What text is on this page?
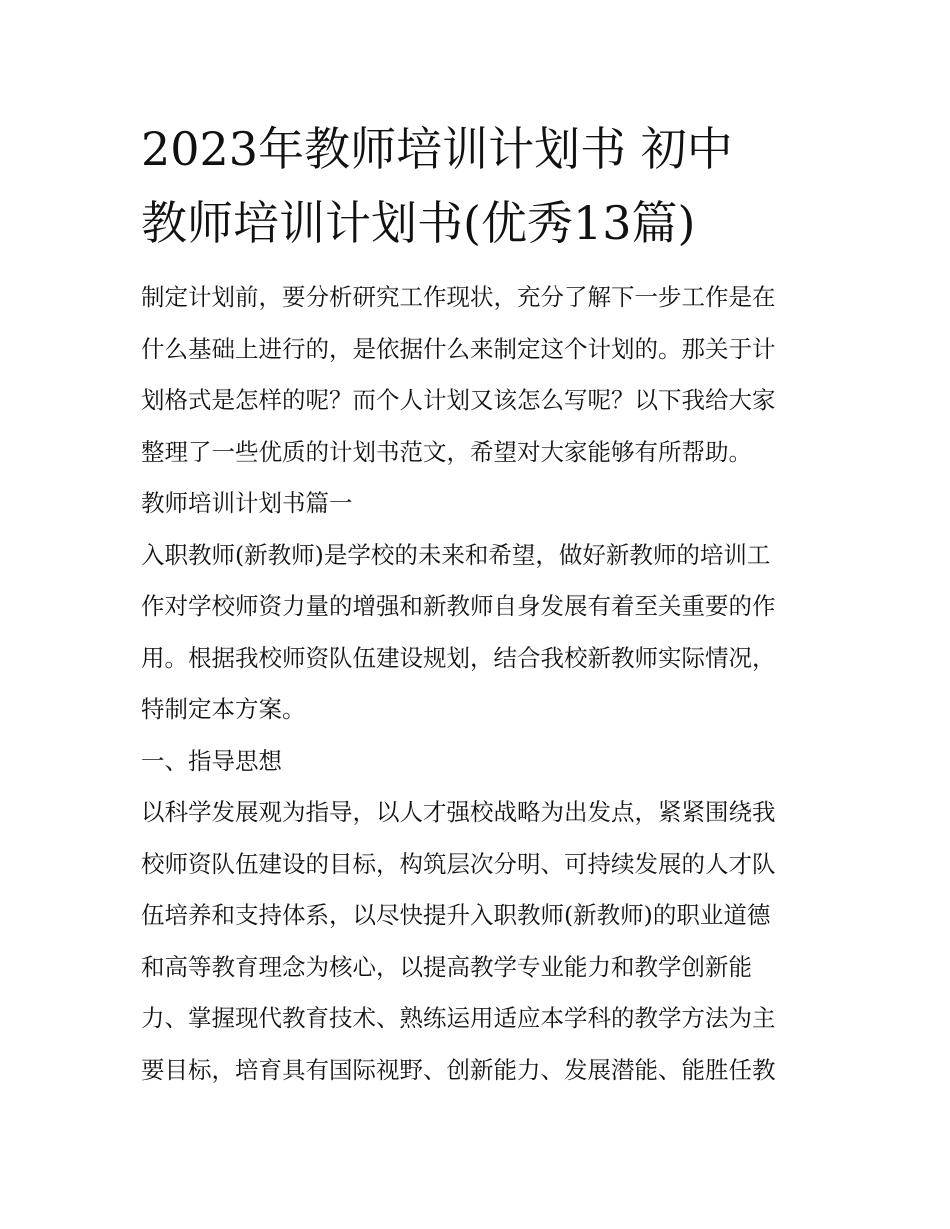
2023年教师培训计划书 初中
教师培训计划书(优秀13篇)
制定计划前，要分析研究工作现状，充分了解下一步工作是在
什么基础上进行的，是依据什么来制定这个计划的。那关于计
划格式是怎样的呢？而个人计划又该怎么写呢？以下我给大家
整理了一些优质的计划书范文，希望对大家能够有所帮助。
教师培训计划书篇一
入职教师(新教师)是学校的未来和希望，做好新教师的培训工
作对学校师资力量的增强和新教师自身发展有着至关重要的作
用。根据我校师资队伍建设规划，结合我校新教师实际情况，
特制定本方案。
一、指导思想
以科学发展观为指导，以人才强校战略为出发点，紧紧围绕我
校师资队伍建设的目标，构筑层次分明、可持续发展的人才队
伍培养和支持体系，以尽快提升入职教师(新教师)的职业道德
和高等教育理念为核心，以提高教学专业能力和教学创新能
力、掌握现代教育技术、熟练运用适应本学科的教学方法为主
要目标，培育具有国际视野、创新能力、发展潜能、能胜任教
